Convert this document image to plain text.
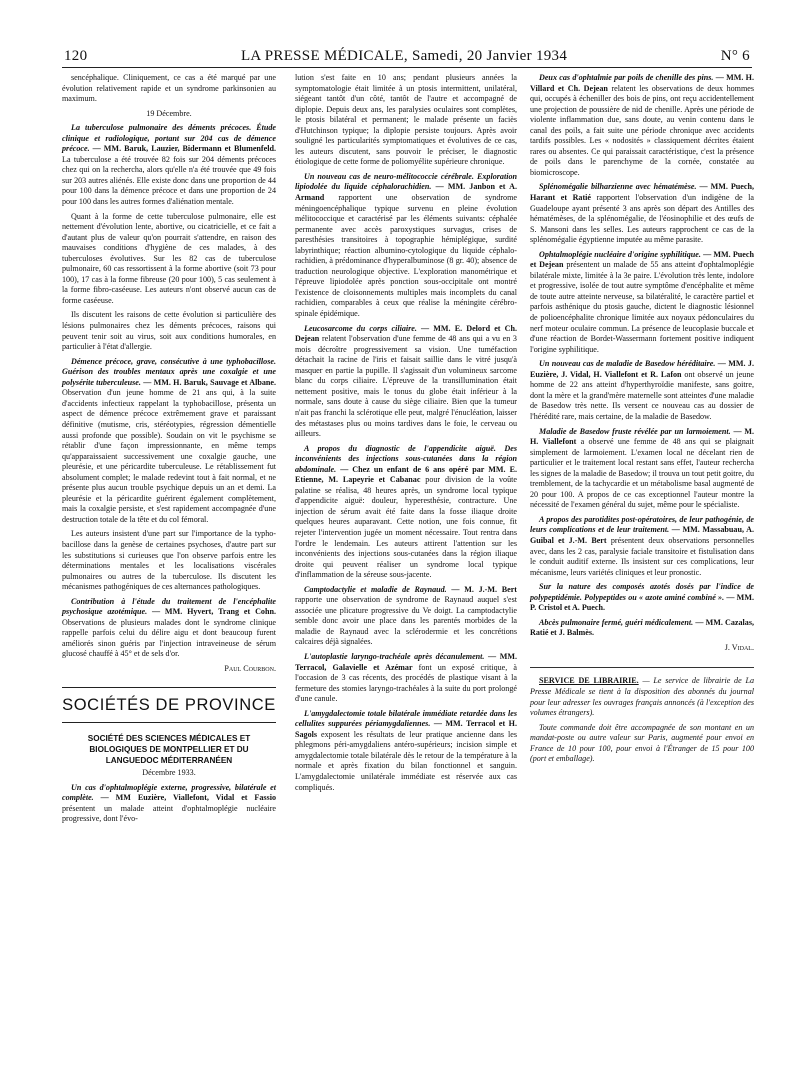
120	LA PRESSE MÉDICALE, Samedi, 20 Janvier 1934	N° 6

sencéphalique. Cliniquement, ce cas a été marqué par une évolution relativement rapide et un syndrome parkinsonien au maximum.

19 Décembre.

La tuberculose pulmonaire des déments précoces. Étude clinique et radiologique, portant sur 204 cas de démence précoce. — MM. Baruk, Lauzier, Bidermann et Blumenfeld. La tuberculose a été trouvée 82 fois sur 204 déments précoces chez qui on la recherchа, alors qu'elle n'a été trouvée que 49 fois sur 203 autres aliénés. Elle existe donc dans une proportion de 44 pour 100 dans la démence précoce et dans une proportion de 24 pour 100 dans les autres formes d'aliénation mentale.

Quant à la forme de cette tuberculose pulmonaire, elle est nettement d'évolution lente, abortive, ou cicatricielle, et ce fait a d'autant plus de valeur qu'on pourrait s'attendre, en raison des mauvaises conditions d'hygiène de ces malades, à des tuberculoses évolutives. Sur les 82 cas de tuberculose pulmonaire, 60 cas ressortissent à la forme abortive (soit 73 pour 100), 17 cas à la forme fibreuse (20 pour 100), 5 cas seulement à la forme fibro-caséeuse. Les auteurs n'ont observé aucun cas de forme caséeuse.

Ils discutent les raisons de cette évolution si particulière des lésions pulmonaires chez les déments précoces, raisons qui peuvent tenir soit au virus, soit aux conditions humorales, en particulier à l'état d'allergie.

Démence précoce, grave, consécutive à une typhobacillose. Guérison des troubles mentaux après une coxalgie et une polysérite tuberculeuse. — MM. H. Baruk, Sauvage et Albane. Observation d'un jeune homme de 21 ans qui, à la suite d'accidents infectieux rappelant la typhobacillose, présenta un aspect de démence précoce extrêmement grave et paraissant définitive (mutisme, cris, stéréotypies, régression démentielle aussi profonde que possible). Soudain on vit le psychisme se rétablir d'une façon impressionnante, en même temps qu'apparaissaient successivement une coxalgie gauche, une pleurésie, et une péricardite tuberculeuse. Le rétablissement fut absolument complet; le malade redevint tout à fait normal, et ne présente plus aucun trouble psychique depuis un an et demi. La pleurésie et la péricardite guérirent également complètement, mais la coxalgie persiste, et s'est rapidement accompagnée d'une destruction totale de la tête et du col fémoral.

Les auteurs insistent d'une part sur l'importance de la typho-bacillose dans la genèse de certaines psychoses, d'autre part sur les substitutions si curieuses que l'on observe parfois entre les déterminations mentales et les localisations viscérales pulmonaires ou autres de la tuberculose. Ils discutent les mécanismes pathogéniques de ces alternances pathologiques.

Contribution à l'étude du traitement de l'encéphalite psychosique azotémique. — MM. Hyvert, Trang et Cohn. Observations de plusieurs malades dont le syndrome clinique rappelle parfois celui du délire aigu et dont beaucoup furent améliorés sinon guéris par l'injection intraveineuse de sérum glucosé chauffé à 45° et de sels d'or.

Paul Courbon.

SOCIÉTÉS DE PROVINCE
SOCIÉTÉ DES SCIENCES MÉDICALES ET BIOLOGIQUES DE MONTPELLIER ET DU LANGUEDOC MÉDITERRANÉEN
Décembre 1933.

Un cas d'ophtalmoplégie externe, progressive, bilatérale et complète. — MM Euzière, Viallefont, Vidal et Fassio présentent un malade atteint d'ophtalmoplégie nucléaire progressive, dont l'évo-

lution s'est faite en 10 ans; pendant plusieurs années la symptomatologie était limitée à un ptosis intermittent, unilatéral, siégeant tantôt d'un côté, tantôt de l'autre et accompagné de diplopie. Depuis deux ans, les paralysies oculaires sont complètes, le ptosis bilatéral et permanent; le malade présente un faciès d'Hutchinson typique; la diplopie persiste toujours. Après avoir souligné les particularités symptomatiques et évolutives de ce cas, les auteurs discutent, sans pouvoir le préciser, le diagnostic étiologique de cette forme de poliomyélite supérieure chronique.

Un nouveau cas de neuro-mélitococcie cérébrale. Exploration lipiodolée du liquide céphalorachidien. — MM. Janbon et A. Armand rapportent une observation de syndrome méningoencéphalique typique survenu en pleine évolution mélitococcique et caractérisé par les éléments suivants: céphalée permanente avec accès paroxystiques survagus, crises de paresthésies transitoires à topographie hémiplégique, surdité labyrinthique; réaction albumino-cytologique du liquide céphalo-rachidien, à prédominance d'hyperalbuminose (8 gr. 40); absence de traduction neurologique objective. L'exploration manométrique et l'épreuve lipiodolée après ponction sous-occipitale ont montré l'existence de cloisonnements multiples mais incomplets du canal rachidien, comparables à ceux que réalise la méningite cérébro-spinale épidémique.

Leucosarcome du corps ciliaire. — MM. E. Delord et Ch. Dejean relatent l'observation d'une femme de 48 ans qui a vu en 3 mois décroître progressivement sa vision. Une tuméfaction détachait la racine de l'iris et faisait saillie dans le vitré jusqu'à masquer en partie la pupille. Il s'agissait d'un volumineux sarcome blanc du corps ciliaire. L'épreuve de la transillumination était nettement positive, mais le tonus du globe était inférieur à la normale, sans doute à cause du siège ciliaire. Bien que la tumeur n'ait pas franchi la sclérotique elle peut, malgré l'énucléation, laisser des métastases plus ou moins tardives dans le foie, le cerveau ou ailleurs.

A propos du diagnostic de l'appendicite aiguë. Des inconvénients des injections sous-cutanées dans la région abdominale. — Chez un enfant de 6 ans opéré par MM. E. Etienne, M. Lapeyrie et Cabanac pour division de la voûte palatine se réalisa, 48 heures après, un syndrome local typique d'appendicite aiguë: douleur, hyperesthésie, contracture. Une injection de sérum avait été faite dans la fosse iliaque droite quelques heures auparavant. Cette notion, une fois connue, fit rejeter l'intervention jugée un moment nécessaire. Tout rentra dans l'ordre le lendemain. Les auteurs attirent l'attention sur les inconvénients des injections sous-cutanées dans la région iliaque droite qui peuvent réaliser un syndrome local typique d'inflammation de la séreuse sous-jacente.

Camptodactylie et maladie de Raynaud. — M. J.-M. Bert rapporte une observation de syndrome de Raynaud auquel s'est associée une plicature progressive du Ve doigt. La camptodactylie semble donc avoir une place dans les parentés morbides de la maladie de Raynaud avec la sclérodermie et les concrétions calcaires déjà signalées.

L'autoplastie laryngo-trachéale après décanulement. — MM. Terracol, Galavielle et Azémar font un exposé critique, à l'occasion de 3 cas récents, des procédés de plastique visant à la fermeture des stomies laryngo-trachéales à la suite du port prolongé d'une canule.

L'amygdalectomie totale bilatérale immédiate retardée dans les cellulites suppurées périamygdaliennes. — MM. Terracol et H. Sagols exposent les résultats de leur pratique ancienne dans les phlegmons péri-amygdaliens antéro-supérieurs; incision simple et amygdalectomie totale bilatérale dès le retour de la température à la normale et après fixation du bilan fonctionnel et sanguin. L'amygdalectomie unilatérale immédiate est réservée aux cas compliqués.

Deux cas d'ophtalmie par poils de chenille des pins. — MM. H. Villard et Ch. Dejean relatent les observations de deux hommes qui, occupés à écheniller des bois de pins, ont reçu accidentellement une projection de poussière de nid de chenille. Après une période de violente inflammation due, sans doute, au venin contenu dans le canal des poils, a fait suite une période chronique avec accidents tardifs possibles. Les « nodosités » classiquement décrites étaient rares ou absentes. Ce qui paraissait caractéristique, c'est la présence de poils dans le parenchyme de la cornée, constatée au biomicroscope.

Splénomégalie bilharzienne avec hématémèse. — MM. Puech, Harant et Ratié rapportent l'observation d'un indigène de la Guadeloupe ayant présenté 3 ans après son départ des Antilles des hématémèses, de la splénomégalie, de l'éosinophilie et des œufs de S. Mansoni dans les selles. Les auteurs rapprochent ce cas de la splénomégalie égyptienne imputée au même parasite.

Ophtalmoplégie nucléaire d'origine syphilitique. — MM. Puech et Dejean présentent un malade de 55 ans atteint d'ophtalmoplégie bilatérale mixte, limitée à la 3e paire. L'évolution très lente, indolore et progressive, isolée de tout autre symptôme d'encéphalite et même de toute autre atteinte nerveuse, sa bilatéralité, le caractère partiel et parfois asthénique du ptosis gauche, dictent le diagnostic lésionnel de polioencéphalite chronique limitée aux noyaux pédonculaires du nerf moteur oculaire commun. La présence de leucoplasie buccale et d'une réaction de Bordet-Wassermann fortement positive indiquent l'origine syphilitique.

Un nouveau cas de maladie de Basedow héréditaire. — MM. J. Euzière, J. Vidal, H. Viallefont et R. Lafon ont observé un jeune homme de 22 ans atteint d'hyperthyroïdie manifeste, sans goitre, dont la mère et la grand'mère maternelle sont atteintes d'une maladie de Basedow très nette. Ils versent ce nouveau cas au dossier de l'hérédité rare, mais certaine, de la maladie de Basedow.

Maladie de Basedow fruste révélée par un larmoiement. — M. H. Viallefont a observé une femme de 48 ans qui se plaignait simplement de larmoiement. L'examen local ne décelant rien de particulier et le traitement local restant sans effet, l'auteur rechercha les signes de la maladie de Basedow; il trouva un tout petit goitre, du tremblement, de la tachycardie et un métabolisme basal augmenté de 20 pour 100. A propos de ce cas exceptionnel l'auteur montre la nécessité de l'examen général du sujet, même pour le spécialiste.

A propos des parotidites post-opératoires, de leur pathogénie, de leurs complications et de leur traitement. — MM. Massabuau, A. Guibal et J.-M. Bert présentent deux observations personnelles avec, dans les 2 cas, paralysie faciale transitoire et fistulisation dans le conduit auditif externe. Ils insistent sur ces complications, leur mécanisme, leurs variétés cliniques et leur pronostic.

Sur la nature des composés azotés dosés par l'indice de polypeptidémie. Polypeptides ou « azote aminé combiné ». — MM. P. Cristol et A. Puech.

Abcès pulmonaire fermé, guéri médicalement. — MM. Cazalas, Ratié et J. Balmès.

J. Vidal.

SERVICE DE LIBRAIRIE. — Le service de librairie de La Presse Médicale se tient à la disposition des abonnés du journal pour leur adresser les ouvrages français annoncés (à l'exception des volumes étrangers).

Toute commande doit être accompagnée de son montant en un mandat-poste ou autre valeur sur Paris, augmenté pour envoi en France de 10 pour 100, pour envoi à l'Étranger de 15 pour 100 (port et emballage).
